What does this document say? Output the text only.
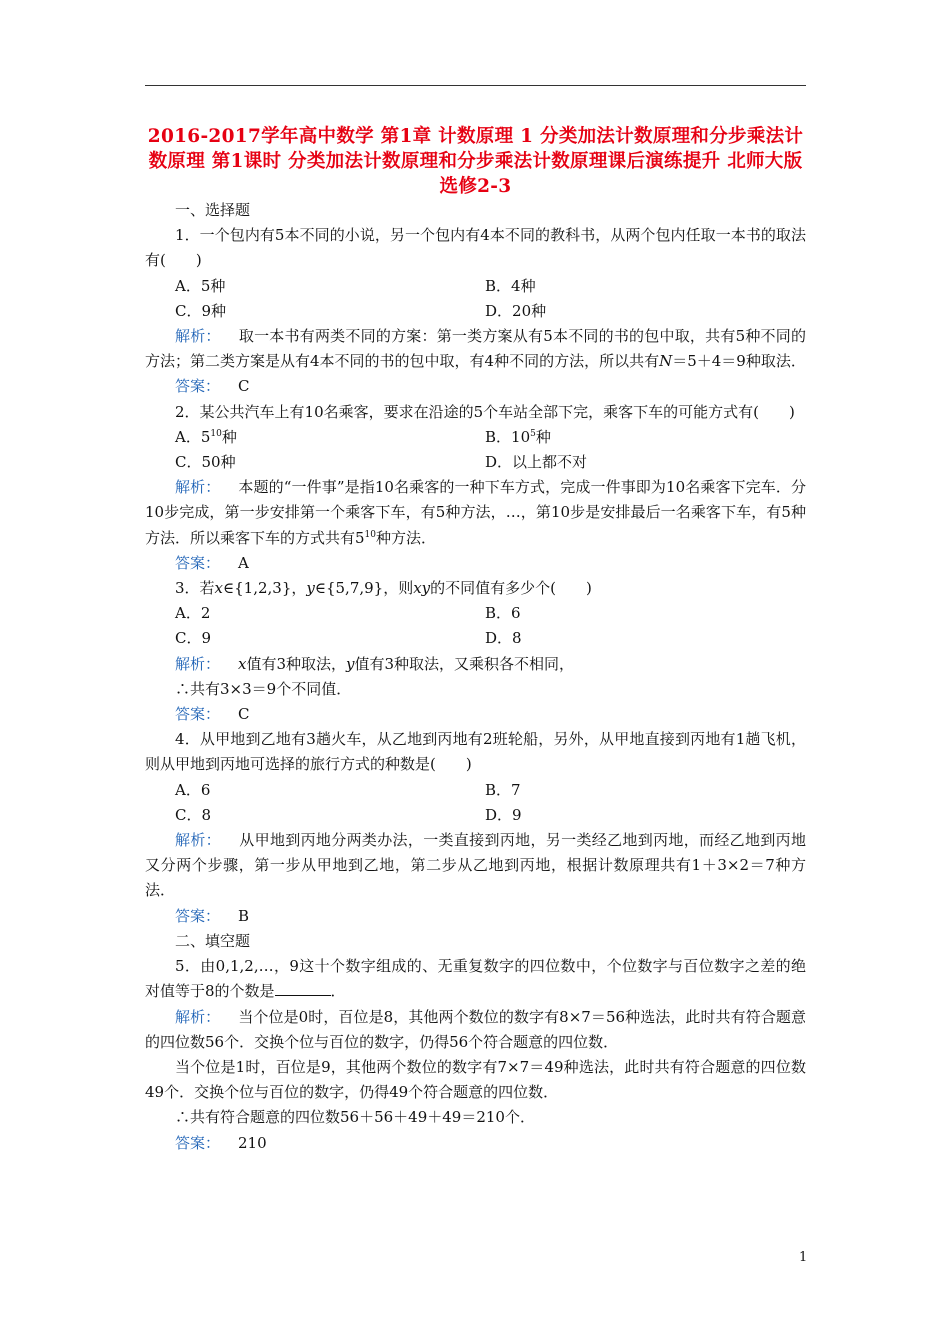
2016-2017学年高中数学 第1章 计数原理 1 分类加法计数原理和分步乘法计数原理 第1课时 分类加法计数原理和分步乘法计数原理课后演练提升 北师大版选修2-3

一、选择题

1．一个包内有5本不同的小说，另一个包内有4本不同的教科书，从两个包内任取一本书的取法有(　　)

A．5种	B．4种
C．9种	D．20种

解析： 取一本书有两类不同的方案：第一类方案从有5本不同的书的包中取，共有5种不同的方法；第二类方案是从有4本不同的书的包中取，有4种不同的方法，所以共有N＝5＋4＝9种取法．

答案： C

2．某公共汽车上有10名乘客，要求在沿途的5个车站全部下完，乘客下车的可能方式有(　　)

A．$5^{10}$种	B．$10^5$种
C．50种	D．以上都不对

解析： 本题的“一件事”是指10名乘客的一种下车方式，完成一件事即为10名乘客下完车．分10步完成，第一步安排第一个乘客下车，有5种方法，…，第10步是安排最后一名乘客下车，有5种方法．所以乘客下车的方式共有$5^{10}$种方法．

答案： A

3．若x∈{1,2,3}，y∈{5,7,9}，则xy的不同值有多少个(　　)

A．2	B．6
C．9	D．8

解析： x值有3种取法，y值有3种取法，又乘积各不相同，

∴共有3×3＝9个不同值．

答案： C

4．从甲地到乙地有3趟火车，从乙地到丙地有2班轮船，另外，从甲地直接到丙地有1趟飞机，则从甲地到丙地可选择的旅行方式的种数是(　　)

A．6	B．7
C．8	D．9

解析： 从甲地到丙地分两类办法，一类直接到丙地，另一类经乙地到丙地，而经乙地到丙地又分两个步骤，第一步从甲地到乙地，第二步从乙地到丙地，根据计数原理共有1＋3×2＝7种方法．

答案： B

二、填空题

5．由0,1,2,…，9这十个数字组成的、无重复数字的四位数中，个位数字与百位数字之差的绝对值等于8的个数是	．

解析： 当个位是0时，百位是8，其他两个数位的数字有8×7＝56种选法，此时共有符合题意的四位数56个．交换个位与百位的数字，仍得56个符合题意的四位数．

当个位是1时，百位是9，其他两个数位的数字有7×7＝49种选法，此时共有符合题意的四位数49个．交换个位与百位的数字，仍得49个符合题意的四位数．

∴共有符合题意的四位数56＋56＋49＋49＝210个．

答案： 210

1
